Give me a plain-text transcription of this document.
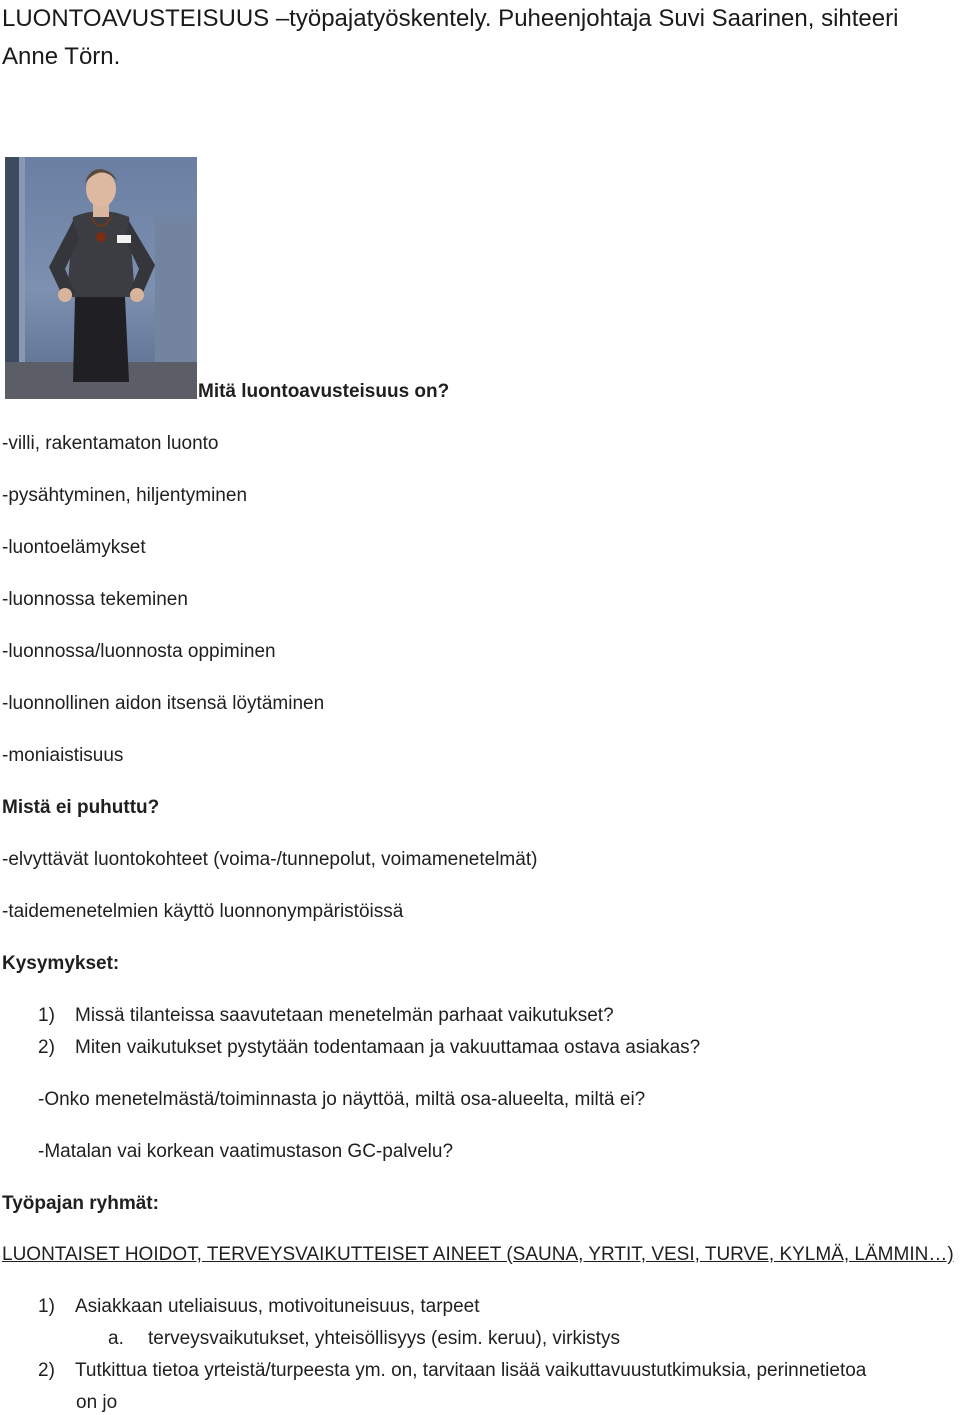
LUONTOAVUSTEISUUS –työpajatyöskentely. Puheenjohtaja Suvi Saarinen, sihteeri Anne Törn.
Mitä luontoavusteisuus on?
-villi, rakentamaton luonto
-pysähtyminen, hiljentyminen
-luontoelämykset
-luonnossa tekeminen
-luonnossa/luonnosta oppiminen
-luonnollinen aidon itsensä löytäminen
-moniaistisuus
Mistä ei puhuttu?
-elvyttävät luontokohteet (voima-/tunnepolut, voimamenetelmät)
-taidemenetelmien käyttö luonnonympäristöissä
Kysymykset:
1) Missä tilanteissa saavutetaan menetelmän parhaat vaikutukset?
2) Miten vaikutukset pystytään todentamaan ja vakuuttamaa ostava asiakas?
-Onko menetelmästä/toiminnasta jo näyttöä, miltä osa-alueelta, miltä ei?
-Matalan vai korkean vaatimustason GC-palvelu?
Työpajan ryhmät:
LUONTAISET HOIDOT, TERVEYSVAIKUTTEISET AINEET (SAUNA, YRTIT, VESI, TURVE, KYLMÄ, LÄMMIN…)
1) Asiakkaan uteliaisuus, motivoituneisuus, tarpeet
a. terveysvaikutukset, yhteisöllisyys (esim. keruu), virkistys
2) Tutkittua tietoa yrteistä/turpeesta ym. on, tarvitaan lisää vaikuttavuustutkimuksia, perinnetietoa
on jo
